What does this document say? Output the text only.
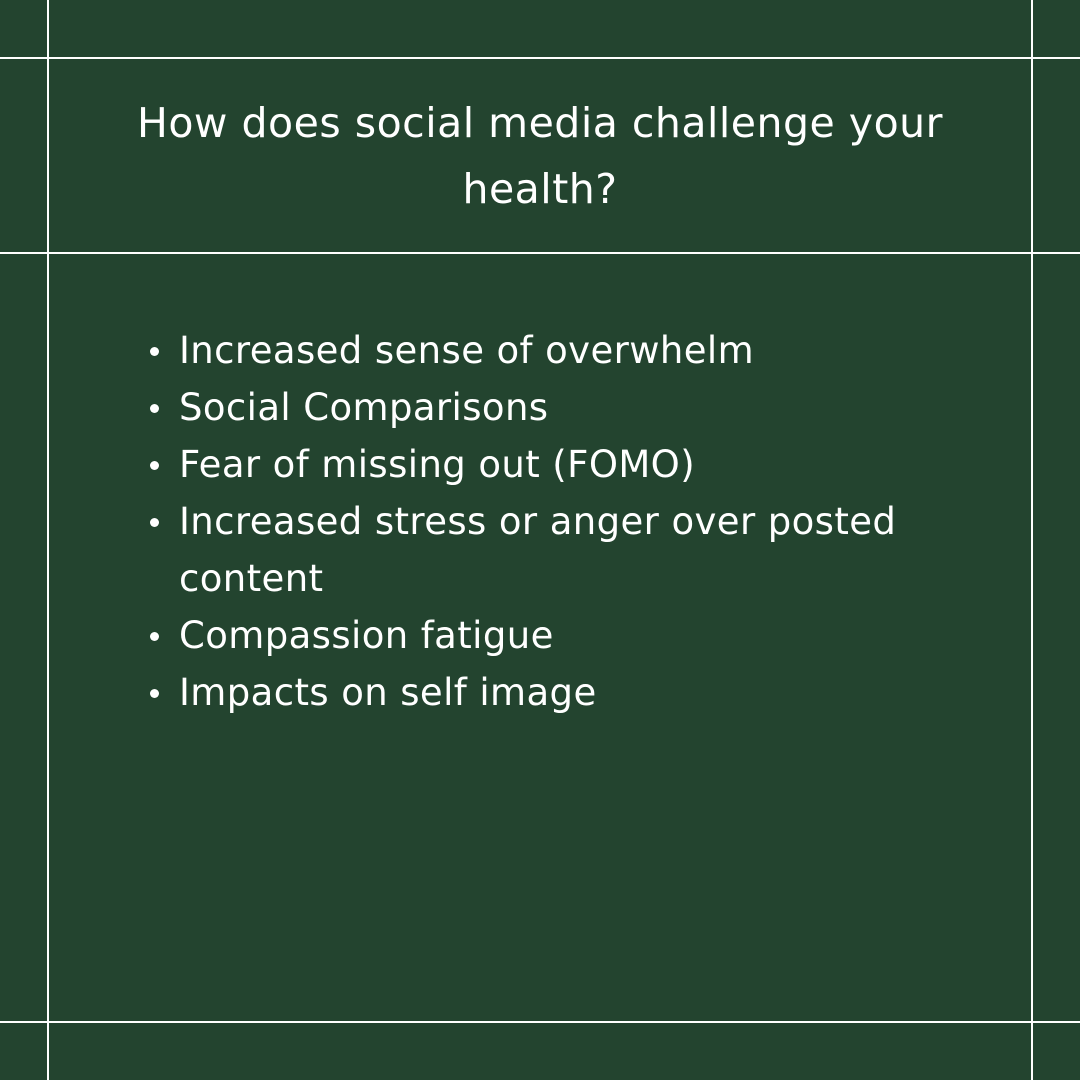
How does social media challenge your health?
Increased sense of overwhelm
Social Comparisons
Fear of missing out (FOMO)
Increased stress or anger over posted content
Compassion fatigue
Impacts on self image
